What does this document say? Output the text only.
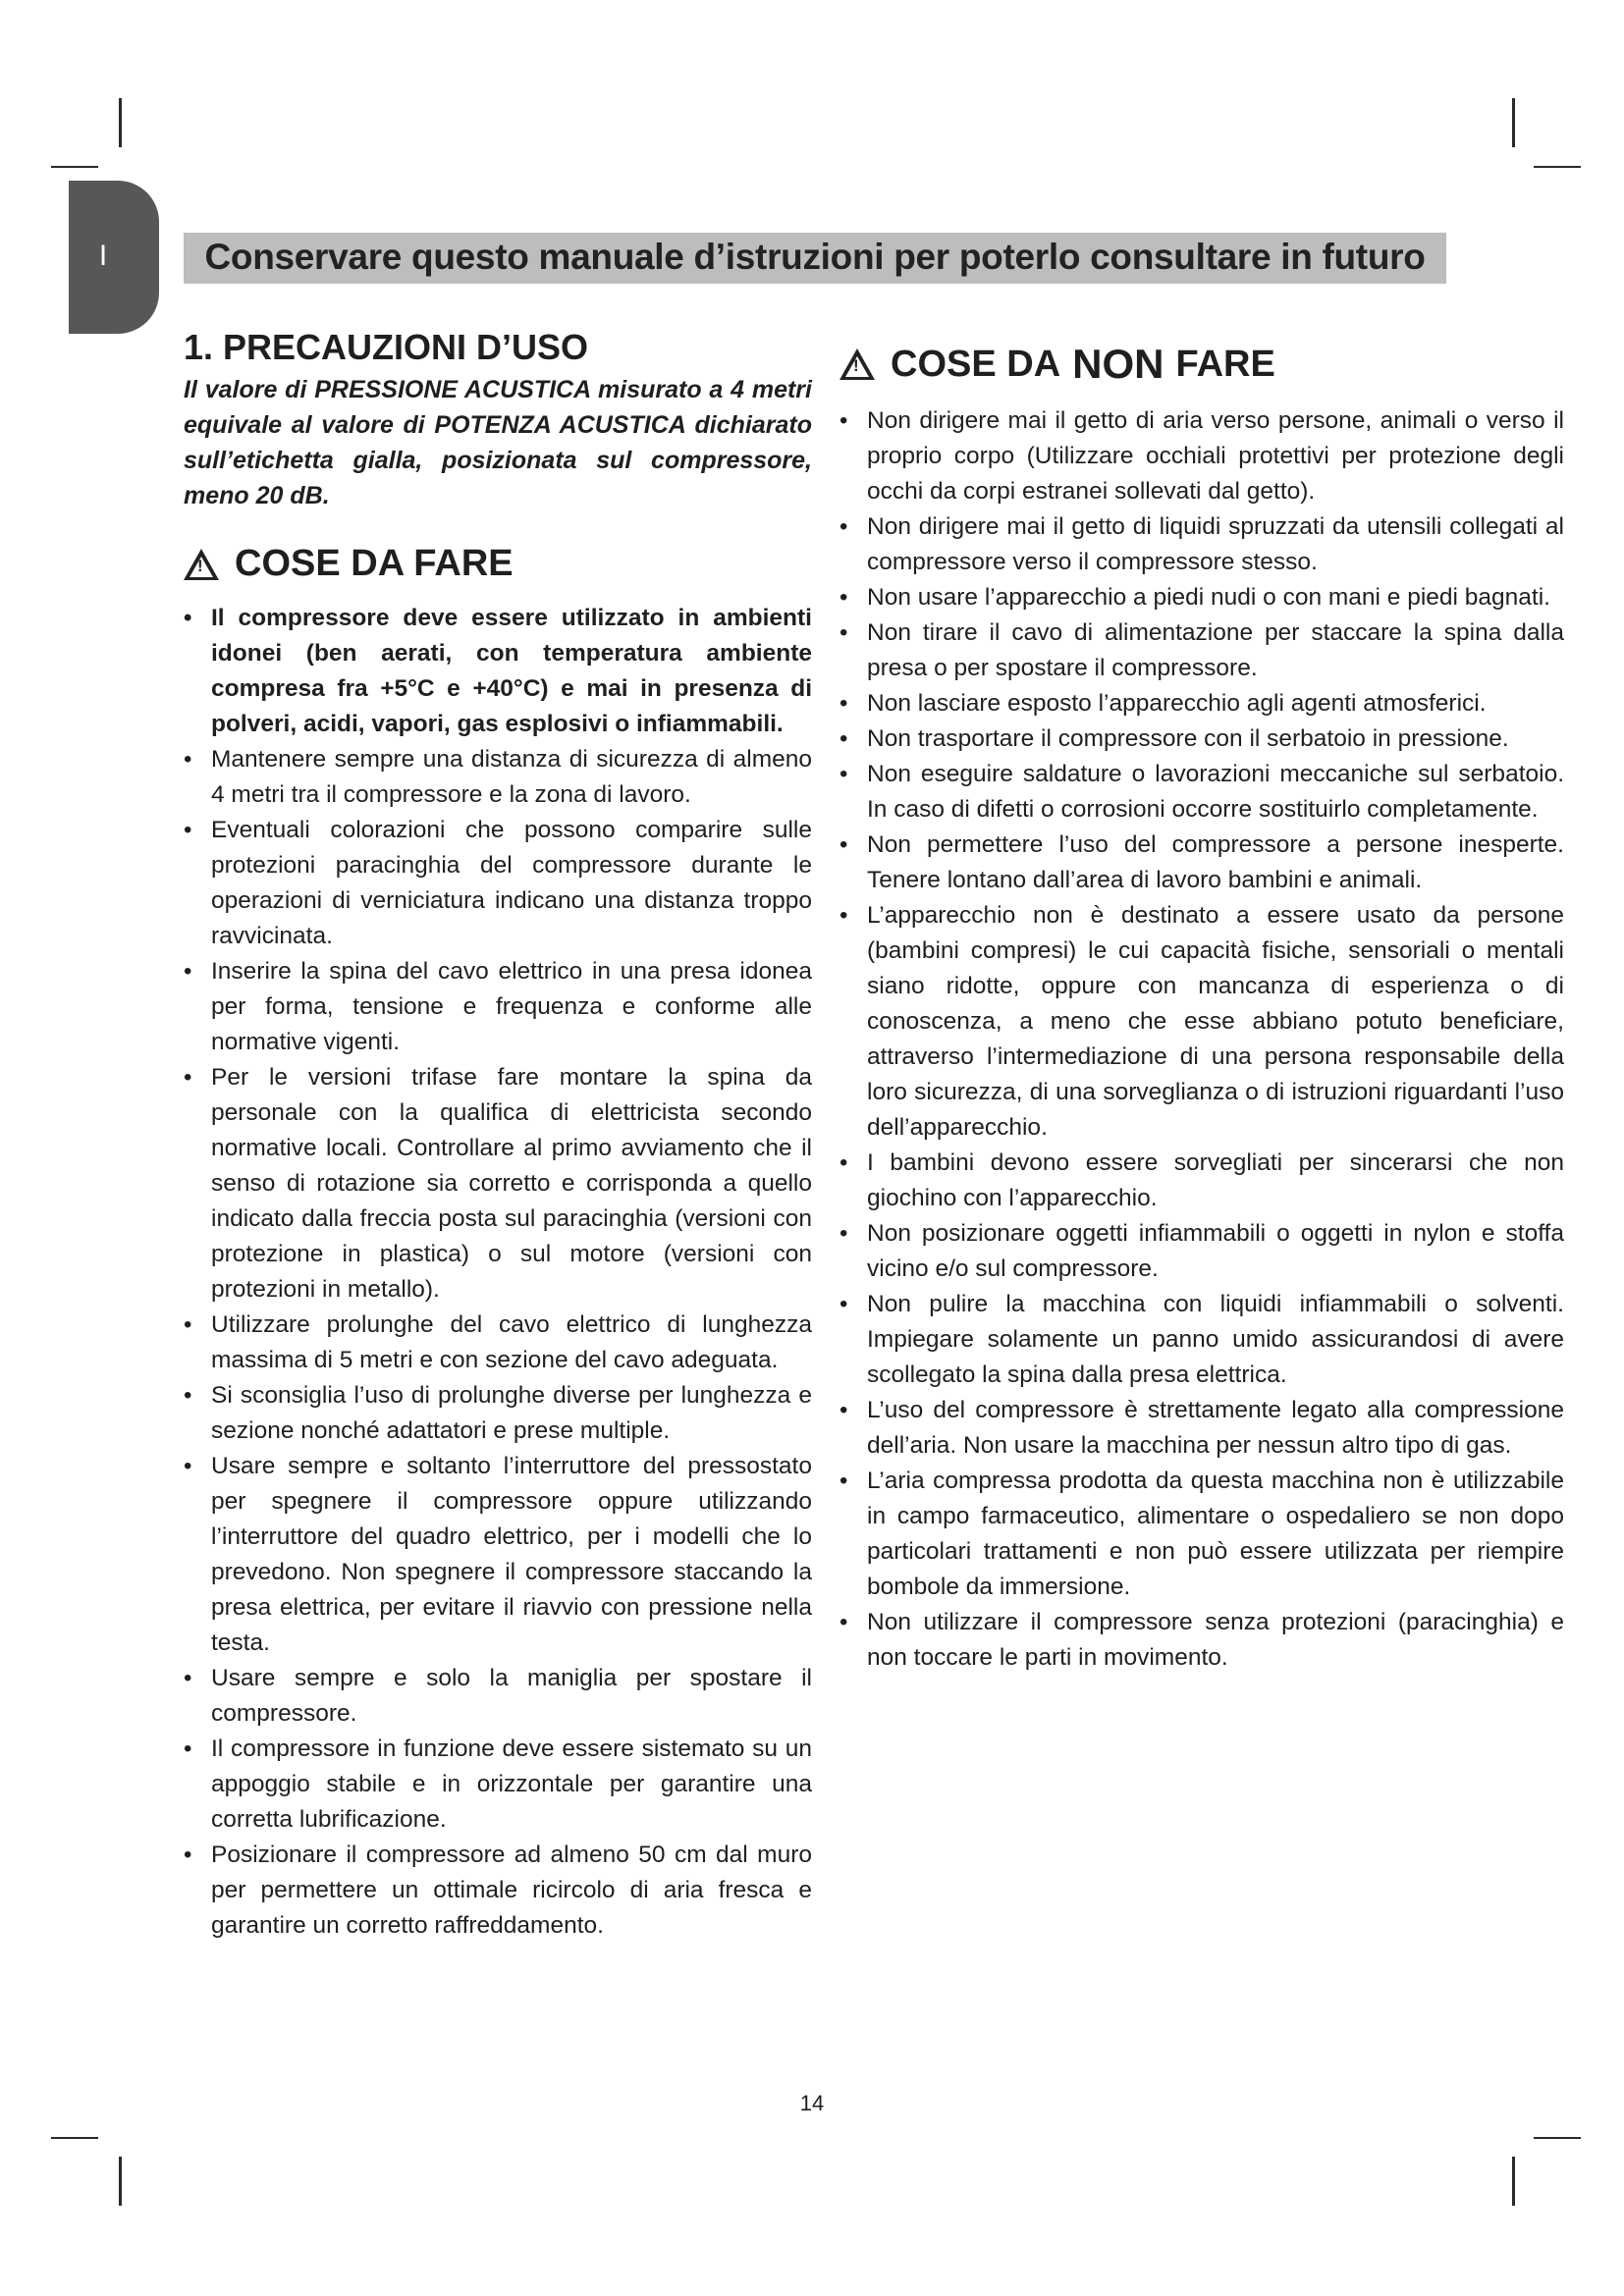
I	Conservare questo manuale d’istruzioni per poterlo consultare in futuro
1. PRECAUZIONI D’USO

Il valore di PRESSIONE ACUSTICA misurato a 4 metri equivale al valore di POTENZA ACUSTICA dichiarato sull’etichetta gialla, posizionata sul compressore, meno 20 dB.

!
COSE DA FARE
• Il compressore deve essere utilizzato in ambienti idonei (ben aerati, con temperatura ambiente compresa fra +5°C e +40°C) e mai in presenza di polveri, acidi, vapori, gas esplosivi o infiammabili.
• Mantenere sempre una distanza di sicurezza di almeno 4 metri tra il compressore e la zona di lavoro.
• Eventuali colorazioni che possono comparire sulle protezioni paracinghia del compressore durante le operazioni di verniciatura indicano una distanza troppo ravvicinata.
• Inserire la spina del cavo elettrico in una presa idonea per forma, tensione e frequenza e conforme alle normative vigenti.
• Per le versioni trifase fare montare la spina da personale con la qualifica di elettricista secondo normative locali. Controllare al primo avviamento che il senso di rotazione sia corretto e corrisponda a quello indicato dalla freccia posta sul paracinghia (versioni con protezione in plastica) o sul motore (versioni con protezioni in metallo).
• Utilizzare prolunghe del cavo elettrico di lunghezza massima di 5 metri e con sezione del cavo adeguata.
• Si sconsiglia l’uso di prolunghe diverse per lunghezza e sezione nonché adattatori e prese multiple.
• Usare sempre e soltanto l’interruttore del pressostato per spegnere il compressore oppure utilizzando l’interruttore del quadro elettrico, per i modelli che lo prevedono. Non spegnere il compressore staccando la presa elettrica, per evitare il riavvio con pressione nella testa.
• Usare sempre e solo la maniglia per spostare il compressore.
• Il compressore in funzione deve essere sistemato su un appoggio stabile e in orizzontale per garantire una corretta lubrificazione.
• Posizionare il compressore ad almeno 50 cm dal muro per permettere un ottimale ricircolo di aria fresca e garantire un corretto raffreddamento.
!
COSE DA NON FARE
• Non dirigere mai il getto di aria verso persone, animali o verso il proprio corpo (Utilizzare occhiali protettivi per protezione degli occhi da corpi estranei sollevati dal getto).
• Non dirigere mai il getto di liquidi spruzzati da utensili collegati al compressore verso il compressore stesso.
• Non usare l’apparecchio a piedi nudi o con mani e piedi bagnati.
• Non tirare il cavo di alimentazione per staccare la spina dalla presa o per spostare il compressore.
• Non lasciare esposto l’apparecchio agli agenti atmosferici.
• Non trasportare il compressore con il serbatoio in pressione.
• Non eseguire saldature o lavorazioni meccaniche sul serbatoio. In caso di difetti o corrosioni occorre sostituirlo completamente.
• Non permettere l’uso del compressore a persone inesperte. Tenere lontano dall’area di lavoro bambini e animali.
• L’apparecchio non è destinato a essere usato da persone (bambini compresi) le cui capacità fisiche, sensoriali o mentali siano ridotte, oppure con mancanza di esperienza o di conoscenza, a meno che esse abbiano potuto beneficiare, attraverso l’intermediazione di una persona responsabile della loro sicurezza, di una sorveglianza o di istruzioni riguardanti l’uso dell’apparecchio.
• I bambini devono essere sorvegliati per sincerarsi che non giochino con l’apparecchio.
• Non posizionare oggetti infiammabili o oggetti in nylon e stoffa vicino e/o sul compressore.
• Non pulire la macchina con liquidi infiammabili o solventi. Impiegare solamente un panno umido assicurandosi di avere scollegato la spina dalla presa elettrica.
• L’uso del compressore è strettamente legato alla compressione dell’aria. Non usare la macchina per nessun altro tipo di gas.
• L’aria compressa prodotta da questa macchina non è utilizzabile in campo farmaceutico, alimentare o ospedaliero se non dopo particolari trattamenti e non può essere utilizzata per riempire bombole da immersione.
• Non utilizzare il compressore senza protezioni (paracinghia) e non toccare le parti in movimento.
14
